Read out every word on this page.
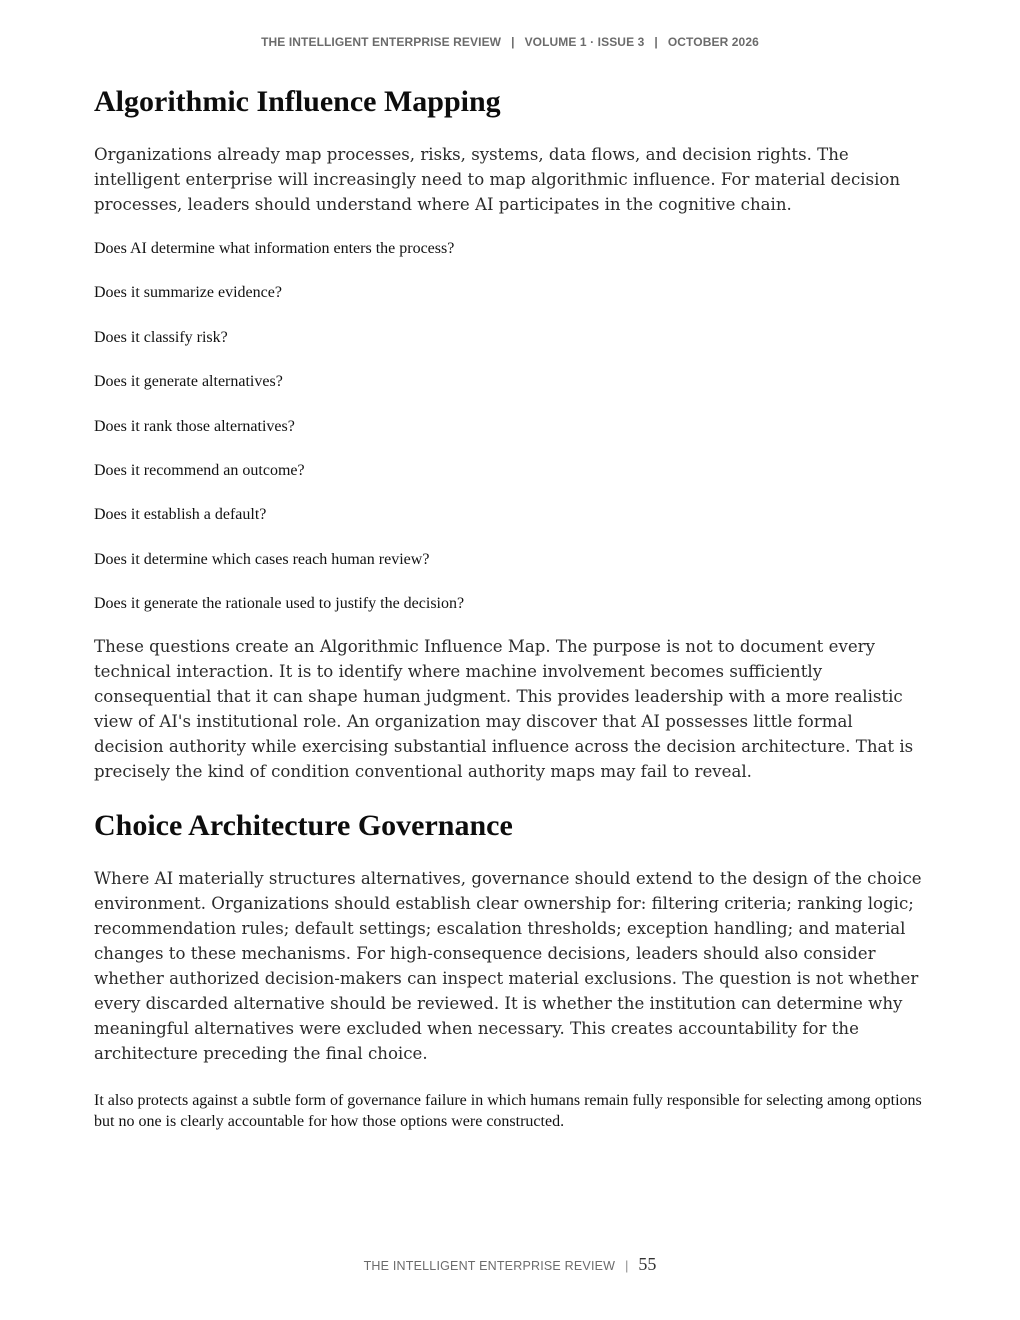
THE INTELLIGENT ENTERPRISE REVIEW | VOLUME 1 · ISSUE 3 | OCTOBER 2026
Algorithmic Influence Mapping

Organizations already map processes, risks, systems, data flows, and decision rights. The intelligent enterprise will increasingly need to map algorithmic influence. For material decision processes, leaders should understand where AI participates in the cognitive chain.

Does AI determine what information enters the process?
Does it summarize evidence?
Does it classify risk?
Does it generate alternatives?
Does it rank those alternatives?
Does it recommend an outcome?
Does it establish a default?
Does it determine which cases reach human review?
Does it generate the rationale used to justify the decision?

These questions create an Algorithmic Influence Map. The purpose is not to document every technical interaction. It is to identify where machine involvement becomes sufficiently consequential that it can shape human judgment. This provides leadership with a more realistic view of AI's institutional role. An organization may discover that AI possesses little formal decision authority while exercising substantial influence across the decision architecture. That is precisely the kind of condition conventional authority maps may fail to reveal.

Choice Architecture Governance

Where AI materially structures alternatives, governance should extend to the design of the choice environment. Organizations should establish clear ownership for: filtering criteria; ranking logic; recommendation rules; default settings; escalation thresholds; exception handling; and material changes to these mechanisms. For high-consequence decisions, leaders should also consider whether authorized decision-makers can inspect material exclusions. The question is not whether every discarded alternative should be reviewed. It is whether the institution can determine why meaningful alternatives were excluded when necessary. This creates accountability for the architecture preceding the final choice.

It also protects against a subtle form of governance failure in which humans remain fully responsible for selecting among options but no one is clearly accountable for how those options were constructed.

THE INTELLIGENT ENTERPRISE REVIEW | 55
